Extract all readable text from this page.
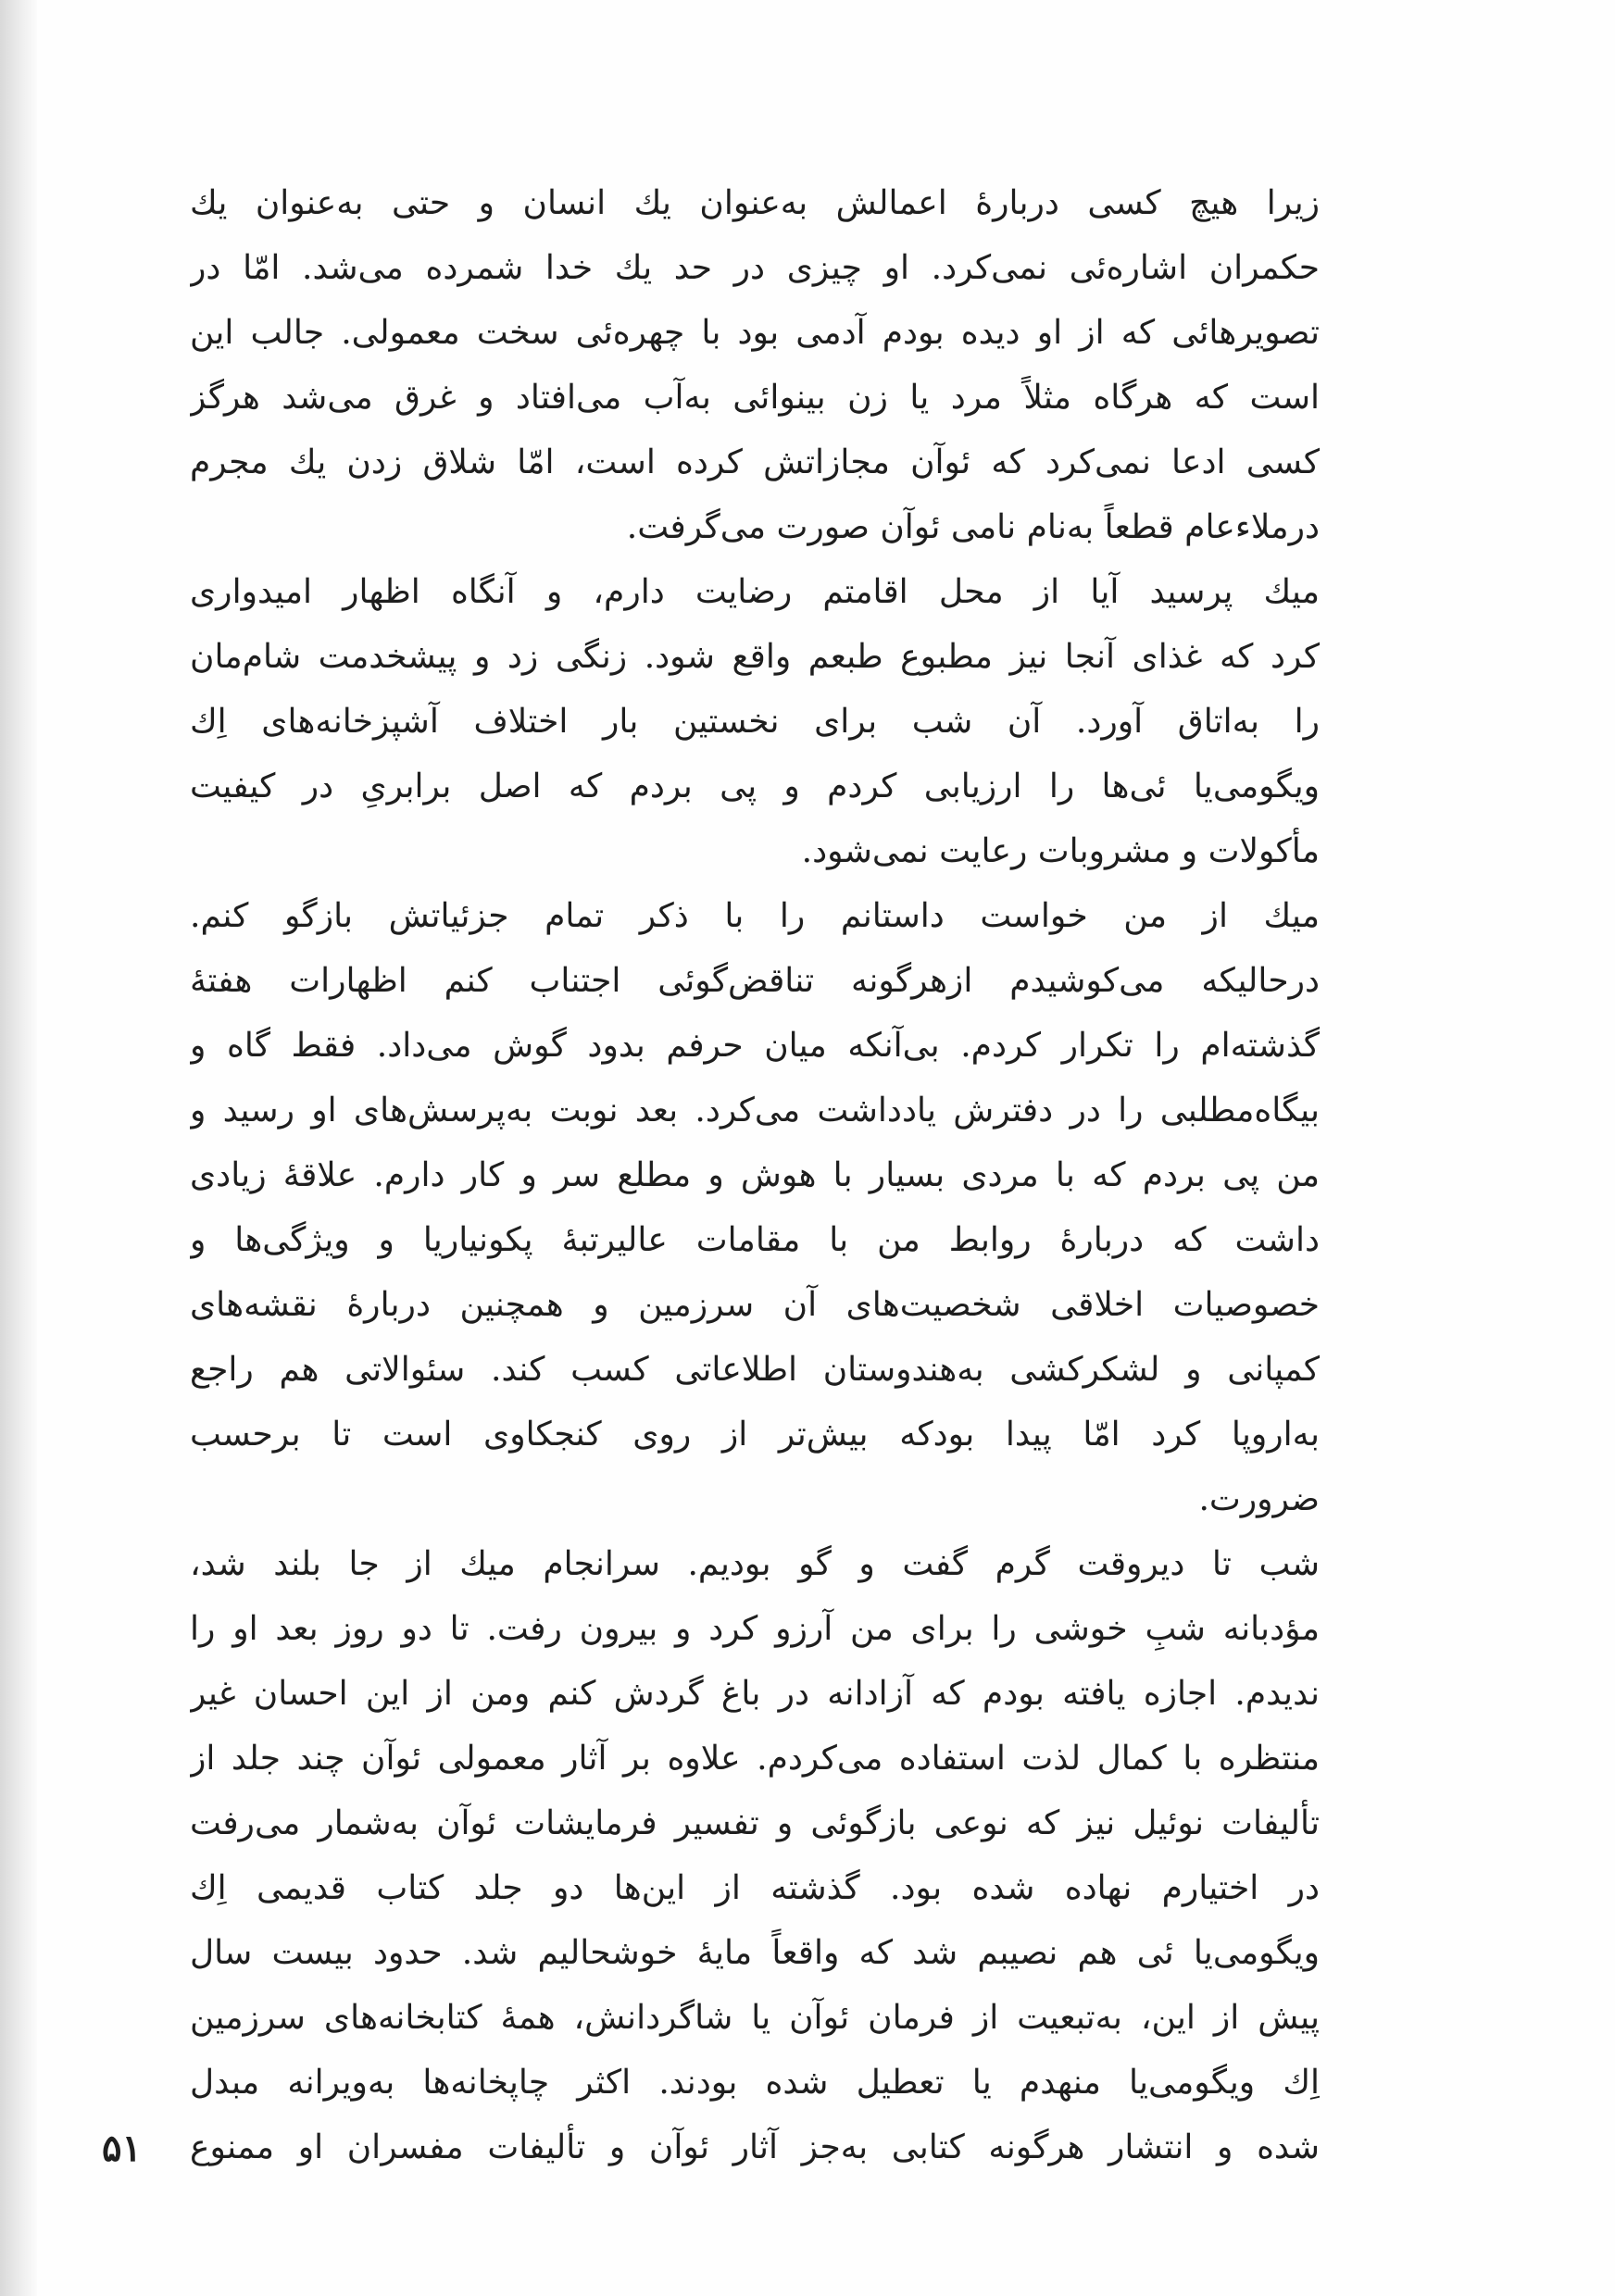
زیرا هیچ کسی دربارهٔ اعمالش به‌عنوان یك انسان و حتی به‌عنوان یك
حکمران اشاره‌ئی نمی‌کرد. او چیزی در حد یك خدا شمرده می‌شد. امّا در
تصویرهائی که از او دیده بودم آدمی بود با چهره‌ئی سخت معمولی. جالب این
است که هرگاه مثلاً مرد یا زن بینوائی به‌آب می‌افتاد و غرق می‌شد هرگز
کسی ادعا نمی‌کرد که ئوآن مجازاتش کرده است، امّا شلاق زدن یك مجرم
درملاءعام قطعاً به‌نام نامی ئوآن صورت می‌گرفت.
میك پرسید آیا از محل اقامتم رضایت دارم، و آنگاه اظهار امیدواری
کرد که غذای آنجا نیز مطبوع طبعم واقع شود. زنگی زد و پیشخدمت شام‌مان
را به‌اتاق آورد. آن شب برای نخستین بار اختلاف آشپزخانه‌های اِك
ویگومی‌یا ئی‌ها را ارزیابی کردم و پی بردم که اصل برابریِ در کیفیت
مأکولات و مشروبات رعایت نمی‌شود.
میك از من خواست داستانم را با ذکر تمام جزئیاتش بازگو کنم.
درحالیکه می‌کوشیدم ازهرگونه تناقض‌گوئی اجتناب کنم اظهارات هفتهٔ
گذشته‌ام را تکرار کردم. بی‌آنکه میان حرفم بدود گوش می‌داد. فقط گاه و
بیگاه‌مطلبی را در دفترش یادداشت می‌کرد. بعد نوبت به‌پرسش‌های او رسید و
من پی بردم که با مردی بسیار با هوش و مطلع سر و کار دارم. علاقهٔ زیادی
داشت که دربارهٔ روابط من با مقامات عالیرتبهٔ پکونیاریا و ویژگی‌ها و
خصوصیات اخلاقی شخصیت‌های آن سرزمین و همچنین دربارهٔ نقشه‌های
کمپانی و لشکرکشی به‌هندوستان اطلاعاتی کسب کند. سئوالاتی هم راجع
به‌اروپا کرد امّا پیدا بودکه بیش‌تر از روی کنجکاوی است تا برحسب
ضرورت.
شب تا دیروقت گرم گفت و گو بودیم. سرانجام میك از جا بلند شد،
مؤدبانه شبِ خوشی را برای من آرزو کرد و بیرون رفت. تا دو روز بعد او را
ندیدم. اجازه یافته بودم که آزادانه در باغ گردش کنم ومن از این احسان غیر
منتظره با کمال لذت استفاده می‌کردم. علاوه بر آثار معمولی ئوآن چند جلد از
تألیفات نوئیل نیز که نوعی بازگوئی و تفسیر فرمایشات ئوآن به‌شمار می‌رفت
در اختیارم نهاده شده بود. گذشته از این‌ها دو جلد کتاب قدیمی اِك
ویگومی‌یا ئی هم نصیبم شد که واقعاً مایهٔ خوشحالیم شد. حدود بیست سال
پیش از این، به‌تبعیت از فرمان ئوآن یا شاگردانش، همهٔ کتابخانه‌های سرزمین
اِك ویگومی‌یا منهدم یا تعطیل شده بودند. اکثر چاپخانه‌ها به‌ویرانه مبدل
شده و انتشار هرگونه کتابی به‌جز آثار ئوآن و تألیفات مفسران او ممنوع
۵۱
